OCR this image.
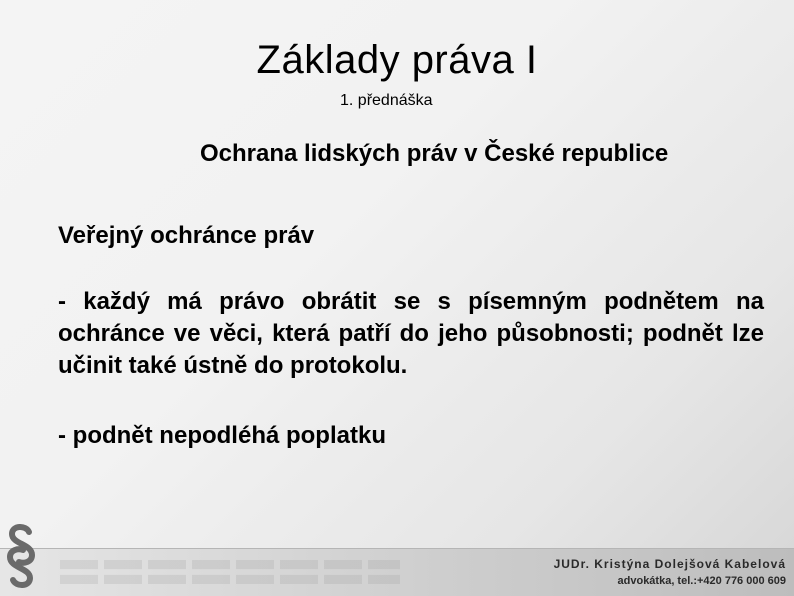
Základy práva I
1. přednáška
Ochrana lidských práv v České republice
Veřejný ochránce práv
- každý má právo obrátit se s písemným podnětem na ochránce ve věci, která patří do jeho působnosti; podnět lze učinit také ústně do protokolu.
- podnět nepodléhá poplatku
JUDr. Kristýna Dolejšová Kabelová
advokátka, tel.:+420 776 000 609
